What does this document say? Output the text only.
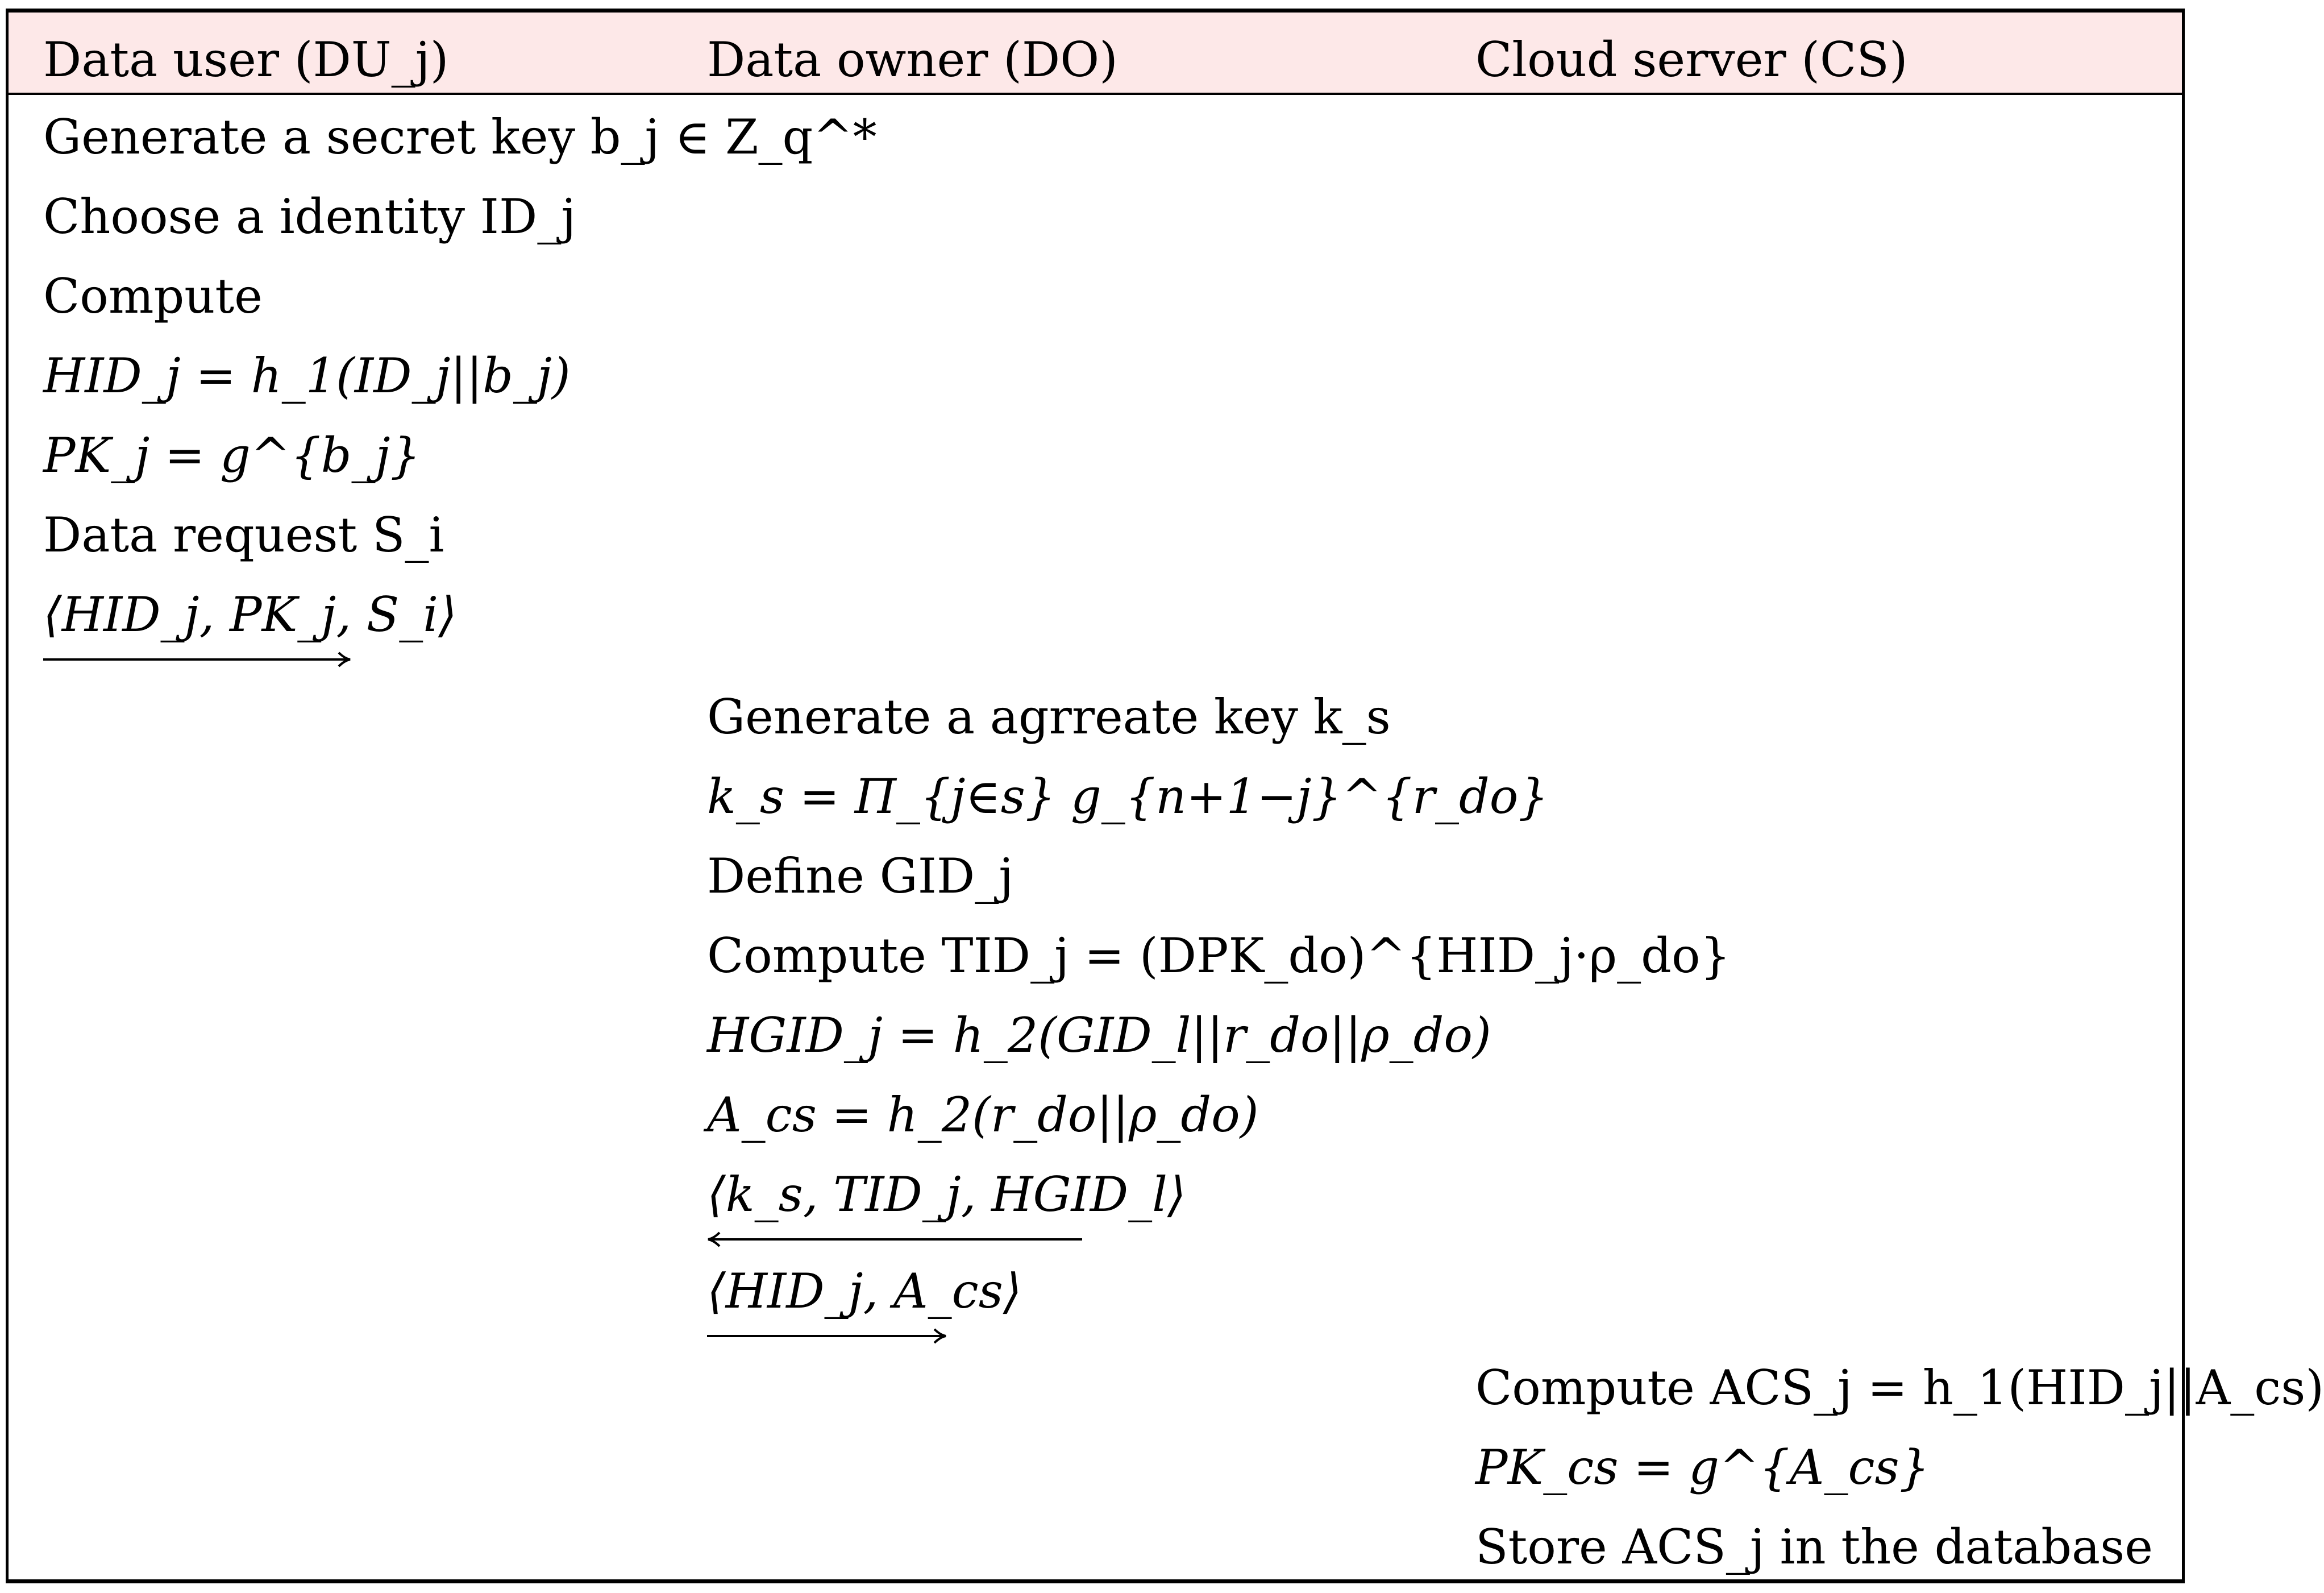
Data user (DU_j)	Data owner (DO)	Cloud server (CS)
Generate a secret key b_j ∈ Z_q^*
Choose a identity ID_j
Compute
HID_j = h_1(ID_j||b_j)
PK_j = g^{b_j}
Data request S_i
⟨HID_j, PK_j, S_i⟩
Generate a agrreate key k_s
k_s = Π_{j∈s} g_{n+1−j}^{r_do}
Define GID_j
Compute TID_j = (DPK_do)^{HID_j·ρ_do}
HGID_j = h_2(GID_l||r_do||ρ_do)
A_cs = h_2(r_do||ρ_do)
⟨k_s, TID_j, HGID_l⟩
⟨HID_j, A_cs⟩
Compute ACS_j = h_1(HID_j||A_cs)
PK_cs = g^{A_cs}
Store ACS_j in the database
